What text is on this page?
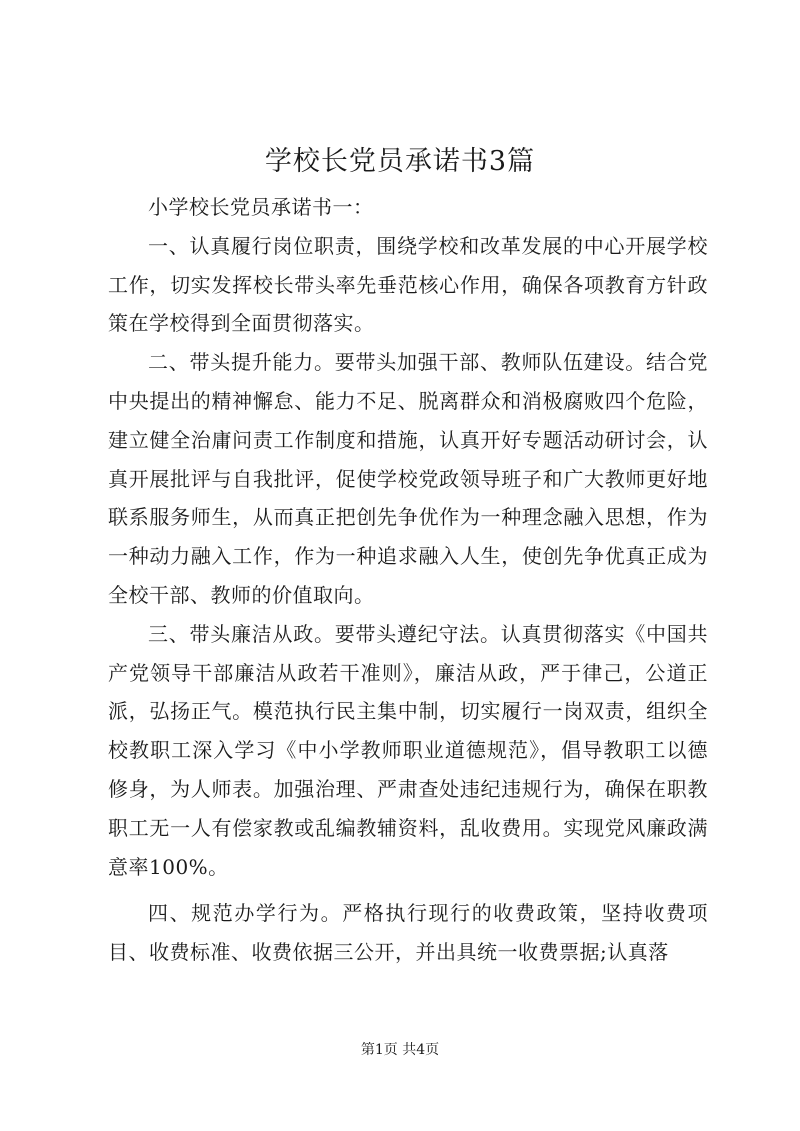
学校长党员承诺书3篇

小学校长党员承诺书一：

一、认真履行岗位职责，围绕学校和改革发展的中心开展学校工作，切实发挥校长带头率先垂范核心作用，确保各项教育方针政策在学校得到全面贯彻落实。

二、带头提升能力。要带头加强干部、教师队伍建设。结合党中央提出的精神懈怠、能力不足、脱离群众和消极腐败四个危险，建立健全治庸问责工作制度和措施，认真开好专题活动研讨会，认真开展批评与自我批评，促使学校党政领导班子和广大教师更好地联系服务师生，从而真正把创先争优作为一种理念融入思想，作为一种动力融入工作，作为一种追求融入人生，使创先争优真正成为全校干部、教师的价值取向。

三、带头廉洁从政。要带头遵纪守法。认真贯彻落实《中国共产党领导干部廉洁从政若干准则》，廉洁从政，严于律己，公道正派，弘扬正气。模范执行民主集中制，切实履行一岗双责，组织全校教职工深入学习《中小学教师职业道德规范》，倡导教职工以德修身，为人师表。加强治理、严肃查处违纪违规行为，确保在职教职工无一人有偿家教或乱编教辅资料，乱收费用。实现党风廉政满意率100%。

四、规范办学行为。严格执行现行的收费政策，坚持收费项目、收费标准、收费依据三公开，并出具统一收费票据;认真落

第1页 共4页
